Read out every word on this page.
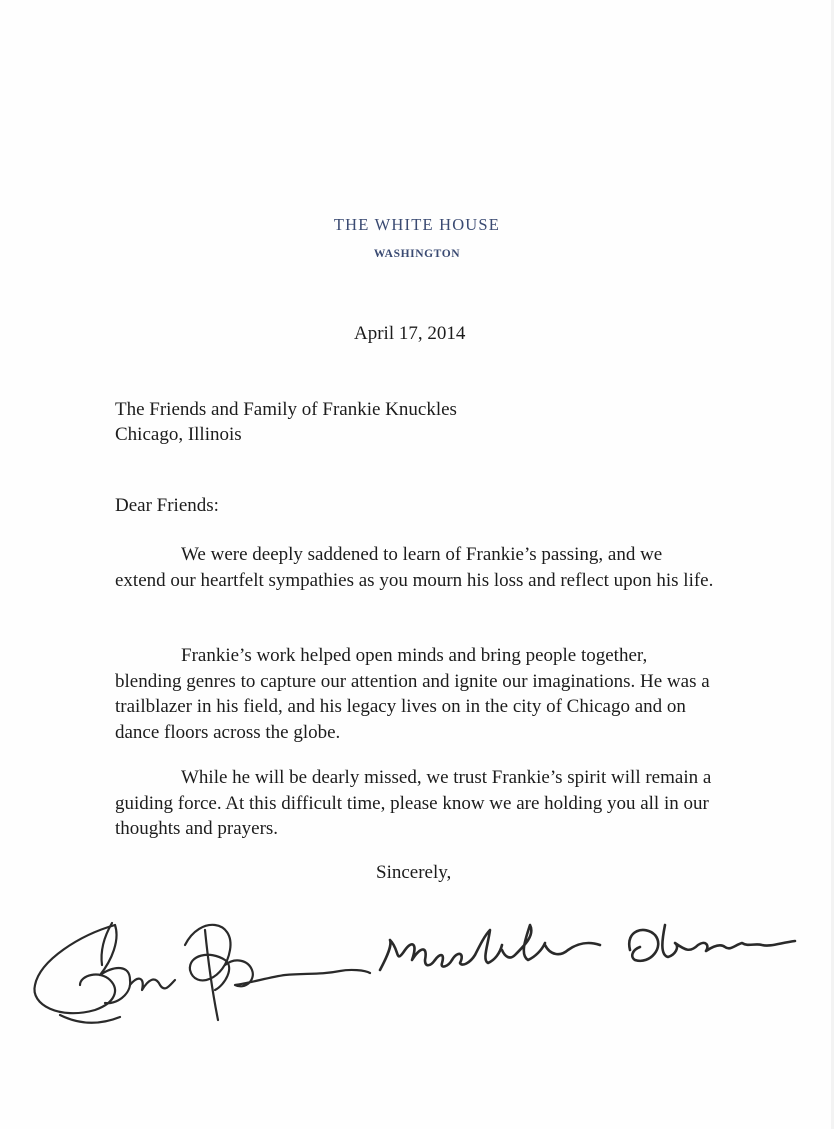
THE WHITE HOUSE
WASHINGTON
April 17, 2014
The Friends and Family of Frankie Knuckles
Chicago, Illinois
Dear Friends:

We were deeply saddened to learn of Frankie’s passing, and we extend our heartfelt sympathies as you mourn his loss and reflect upon his life.

Frankie’s work helped open minds and bring people together, blending genres to capture our attention and ignite our imaginations. He was a trailblazer in his field, and his legacy lives on in the city of Chicago and on dance floors across the globe.

While he will be dearly missed, we trust Frankie’s spirit will remain a guiding force. At this difficult time, please know we are holding you all in our thoughts and prayers.

Sincerely,
